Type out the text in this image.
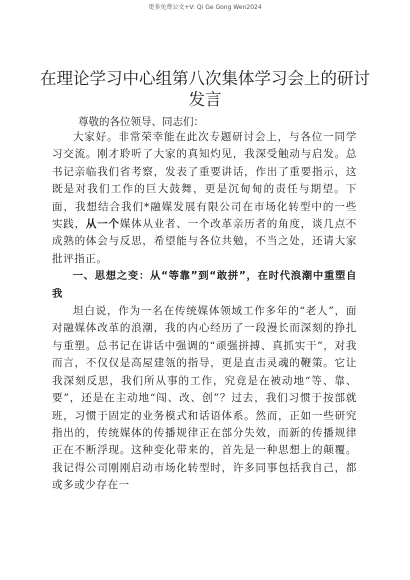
更多免费公文+V: Qi Ge Gong Wen2024
在理论学习中心组第八次集体学习会上的研讨发言
尊敬的各位领导、同志们：

大家好。非常荣幸能在此次专题研讨会上，与各位一同学习交流。刚才聆听了大家的真知灼见，我深受触动与启发。总书记亲临我们省考察，发表了重要讲话，作出了重要指示，这既是对我们工作的巨大鼓舞，更是沉甸甸的责任与期望。下面，我想结合我们*融媒发展有限公司在市场化转型中的一些实践，从一个媒体从业者、一个改革亲历者的角度，谈几点不成熟的体会与反思，希望能与各位共勉，不当之处，还请大家批评指正。

一、思想之变：从“等靠”到“敢拼”，在时代浪潮中重塑自我

坦白说，作为一名在传统媒体领域工作多年的“老人”，面对融媒体改革的浪潮，我的内心经历了一段漫长而深刻的挣扎与重塑。总书记在讲话中强调的“顽强拼搏、真抓实干”，对我而言，不仅仅是高屋建瓴的指导，更是直击灵魂的鞭策。它让我深刻反思，我们所从事的工作，究竟是在被动地“等、靠、要”，还是在主动地“闯、改、创”？过去，我们习惯于按部就班，习惯于固定的业务模式和话语体系。然而，正如一些研究指出的，传统媒体的传播规律正在部分失效，而新的传播规律正在不断浮现。这种变化带来的，首先是一种思想上的颠覆。我记得公司刚刚启动市场化转型时，许多同事包括我自己，都或多或少存在一
